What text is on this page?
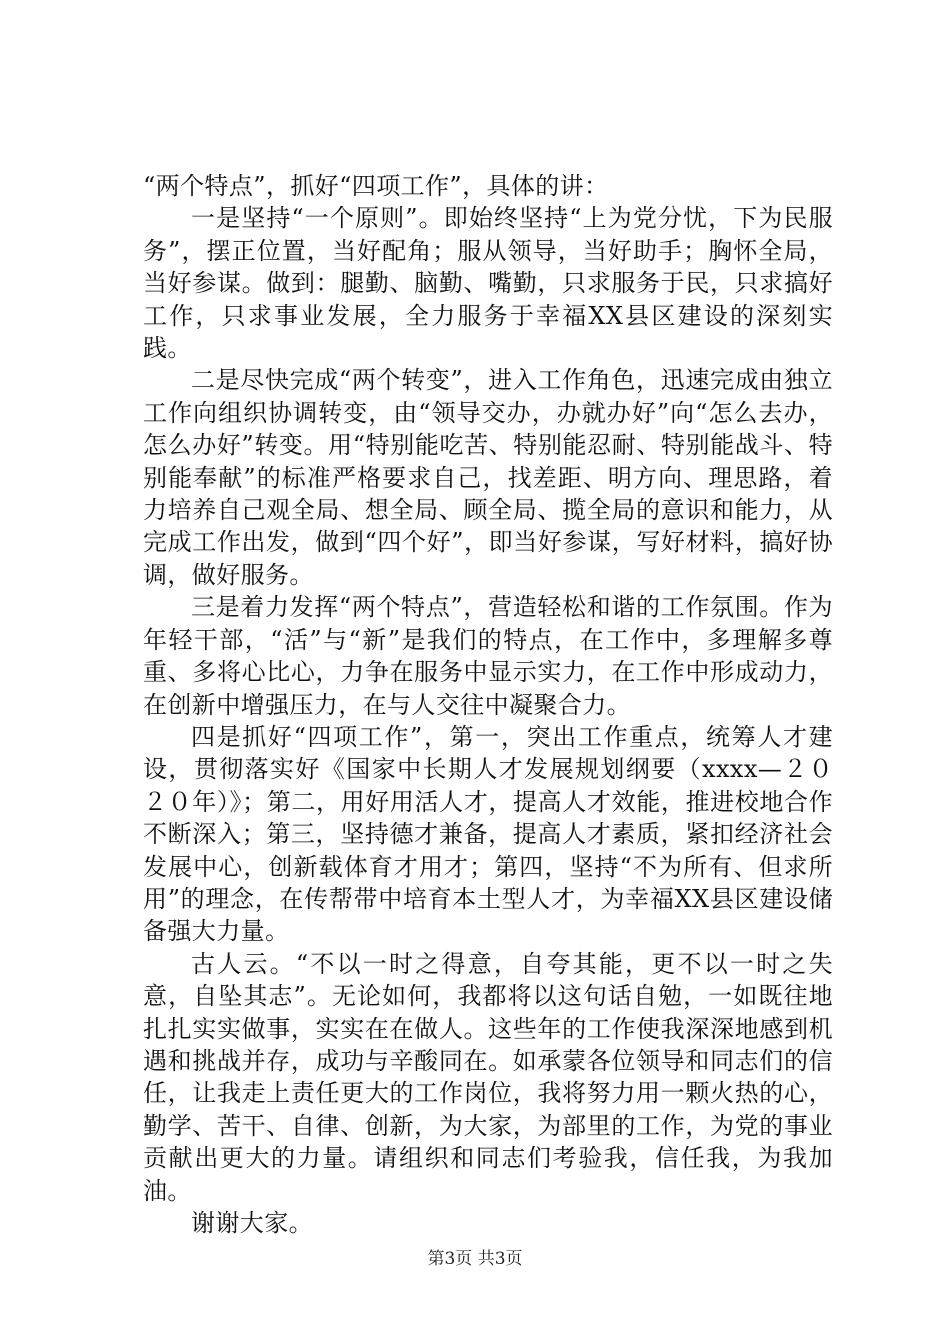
“两个特点”，抓好“四项工作”，具体的讲：

一是坚持“一个原则”。即始终坚持“上为党分忧，下为民服务”，摆正位置，当好配角；服从领导，当好助手；胸怀全局，当好参谋。做到：腿勤、脑勤、嘴勤，只求服务于民，只求搞好工作，只求事业发展，全力服务于幸福XX县区建设的深刻实践。

二是尽快完成“两个转变”，进入工作角色，迅速完成由独立工作向组织协调转变，由“领导交办，办就办好”向“怎么去办，怎么办好”转变。用“特别能吃苦、特别能忍耐、特别能战斗、特别能奉献”的标准严格要求自己，找差距、明方向、理思路，着力培养自己观全局、想全局、顾全局、揽全局的意识和能力，从完成工作出发，做到“四个好”，即当好参谋，写好材料，搞好协调，做好服务。

三是着力发挥“两个特点”，营造轻松和谐的工作氛围。作为年轻干部，“活”与“新”是我们的特点，在工作中，多理解多尊重、多将心比心，力争在服务中显示实力，在工作中形成动力，在创新中增强压力，在与人交往中凝聚合力。

四是抓好“四项工作”，第一，突出工作重点，统筹人才建设，贯彻落实好《国家中长期人才发展规划纲要（xxxx—２０２０年）》；第二，用好用活人才，提高人才效能，推进校地合作不断深入；第三，坚持德才兼备，提高人才素质，紧扣经济社会发展中心，创新载体育才用才；第四，坚持“不为所有、但求所用”的理念，在传帮带中培育本土型人才，为幸福XX县区建设储备强大力量。

古人云。“不以一时之得意，自夸其能，更不以一时之失意，自坠其志”。无论如何，我都将以这句话自勉，一如既往地扎扎实实做事，实实在在做人。这些年的工作使我深深地感到机遇和挑战并存，成功与辛酸同在。如承蒙各位领导和同志们的信任，让我走上责任更大的工作岗位，我将努力用一颗火热的心，勤学、苦干、自律、创新，为大家，为部里的工作，为党的事业贡献出更大的力量。请组织和同志们考验我，信任我，为我加油。

谢谢大家。

第3页 共3页
